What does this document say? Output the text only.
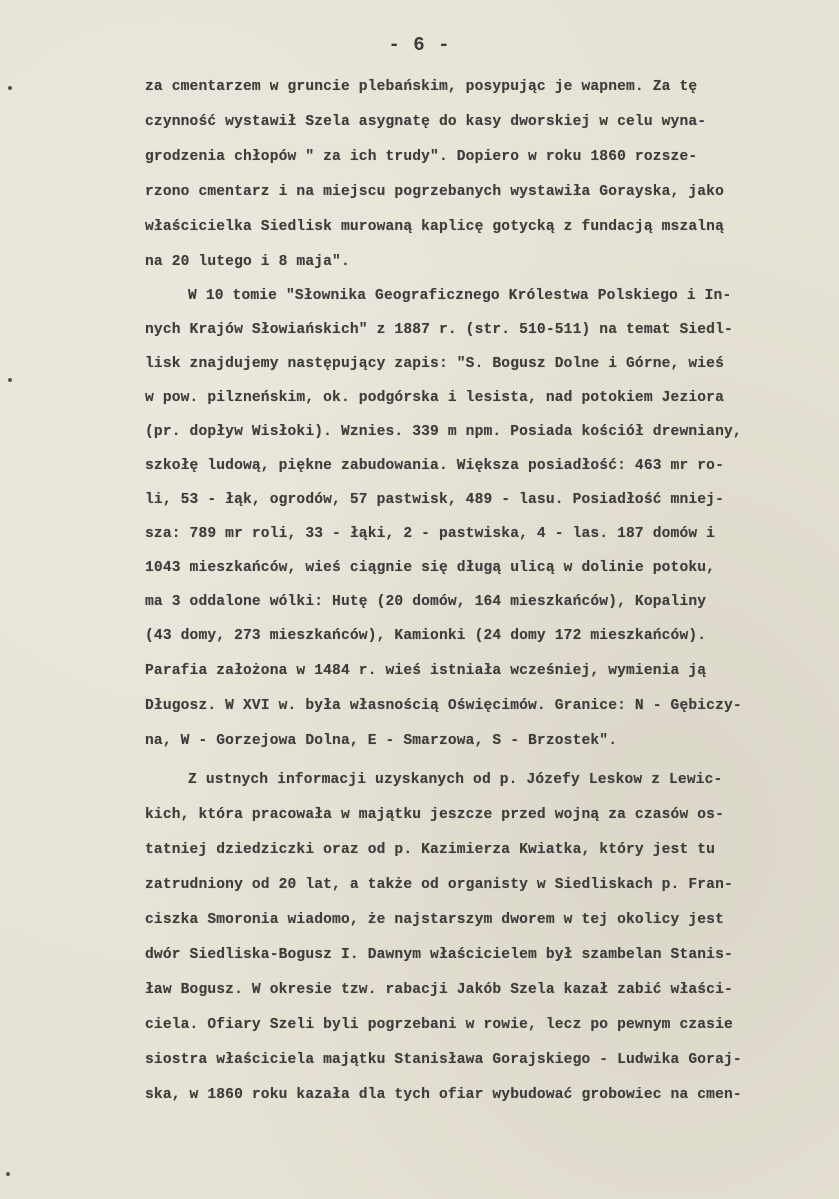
- 6 -
za cmentarzem w gruncie plebańskim, posypując je wapnem. Za tę
czynność wystawił Szela asygnatę do kasy dworskiej w celu wyna-
grodzenia chłopów " za ich trudy". Dopiero w roku 1860 rozsze-
rzono cmentarz i na miejscu pogrzebanych wystawiła Gorayska, jako
właścicielka Siedlisk murowaną kaplicę gotycką z fundacją mszalną
na 20 lutego i 8 maja".
W 10 tomie "Słownika Geograficznego Królestwa Polskiego i In-
nych Krajów Słowiańskich" z 1887 r. (str. 510-511) na temat Siedl-
lisk znajdujemy następujący zapis: "S. Bogusz Dolne i Górne, wieś
w pow. pilzneńskim, ok. podgórska i lesista, nad potokiem Jeziora
(pr. dopływ Wisłoki). Wznies. 339 m npm. Posiada kościół drewniany,
szkołę ludową, piękne zabudowania. Większa posiadłość: 463 mr ro-
li, 53 - łąk, ogrodów, 57 pastwisk, 489 - lasu. Posiadłość mniej-
sza: 789 mr roli, 33 - łąki, 2 - pastwiska, 4 - las. 187 domów i
1043 mieszkańców, wieś ciągnie się długą ulicą w dolinie potoku,
ma 3 oddalone wólki: Hutę (20 domów, 164 mieszkańców), Kopaliny
(43 domy, 273 mieszkańców), Kamionki (24 domy 172 mieszkańców).
Parafia założona w 1484 r. wieś istniała wcześniej, wymienia ją
Długosz. W XVI w. była własnością Oświęcimów. Granice: N - Gębiczy-
na, W - Gorzejowa Dolna, E - Smarzowa, S - Brzostek".
Z ustnych informacji uzyskanych od p. Józefy Leskow z Lewic-
kich, która pracowała w majątku jeszcze przed wojną za czasów os-
tatniej dziedziczki oraz od p. Kazimierza Kwiatka, który jest tu
zatrudniony od 20 lat, a także od organisty w Siedliskach p. Fran-
ciszka Smoronia wiadomo, że najstarszym dworem w tej okolicy jest
dwór Siedliska-Bogusz I. Dawnym właścicielem był szambelan Stanis-
ław Bogusz. W okresie tzw. rabacji Jakób Szela kazał zabić właści-
ciela. Ofiary Szeli byli pogrzebani w rowie, lecz po pewnym czasie
siostra właściciela majątku Stanisława Gorajskiego - Ludwika Goraj-
ska, w 1860 roku kazała dla tych ofiar wybudować grobowiec na cmen-
